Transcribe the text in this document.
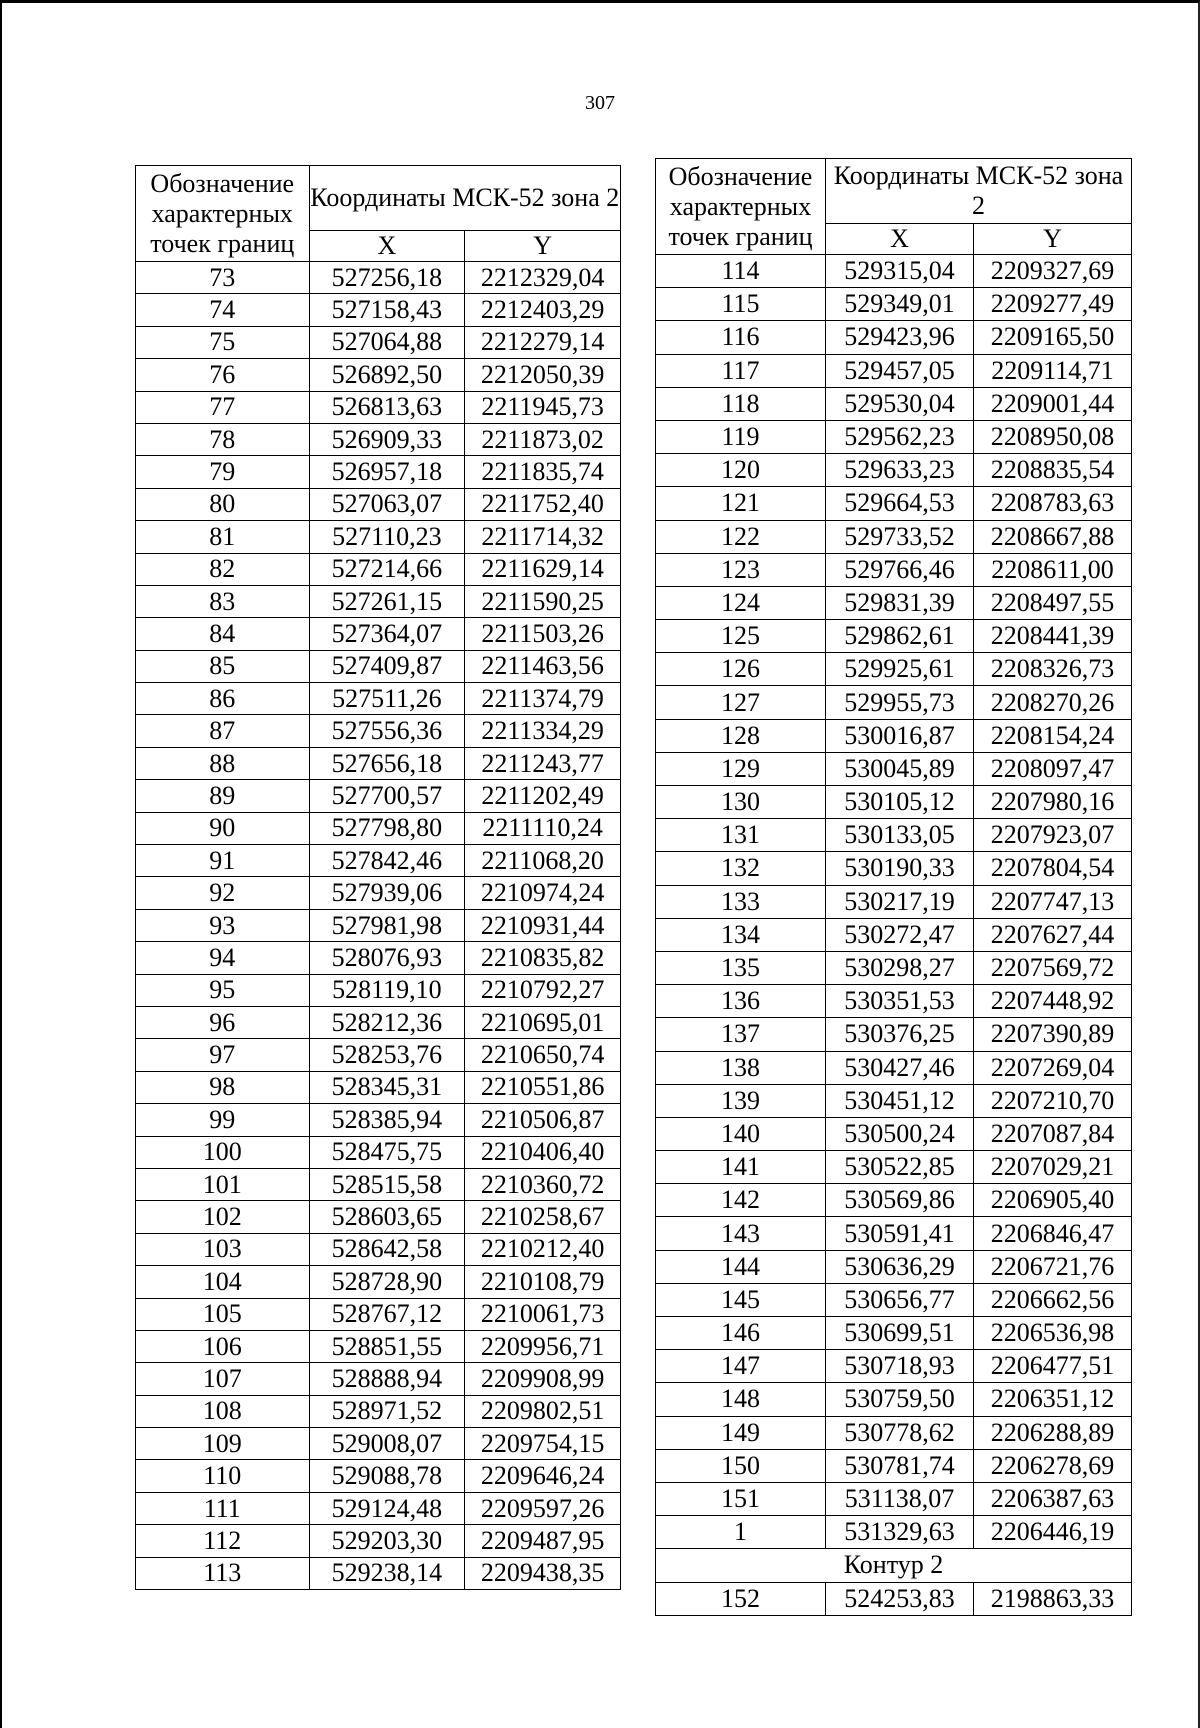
307
Обозначение характерных точек границ	Координаты МСК-52 зона 2	
	X	Y
73	527256,18	2212329,04
74	527158,43	2212403,29
75	527064,88	2212279,14
76	526892,50	2212050,39
77	526813,63	2211945,73
78	526909,33	2211873,02
79	526957,18	2211835,74
80	527063,07	2211752,40
81	527110,23	2211714,32
82	527214,66	2211629,14
83	527261,15	2211590,25
84	527364,07	2211503,26
85	527409,87	2211463,56
86	527511,26	2211374,79
87	527556,36	2211334,29
88	527656,18	2211243,77
89	527700,57	2211202,49
90	527798,80	2211110,24
91	527842,46	2211068,20
92	527939,06	2210974,24
93	527981,98	2210931,44
94	528076,93	2210835,82
95	528119,10	2210792,27
96	528212,36	2210695,01
97	528253,76	2210650,74
98	528345,31	2210551,86
99	528385,94	2210506,87
100	528475,75	2210406,40
101	528515,58	2210360,72
102	528603,65	2210258,67
103	528642,58	2210212,40
104	528728,90	2210108,79
105	528767,12	2210061,73
106	528851,55	2209956,71
107	528888,94	2209908,99
108	528971,52	2209802,51
109	529008,07	2209754,15
110	529088,78	2209646,24
111	529124,48	2209597,26
112	529203,30	2209487,95
113	529238,14	2209438,35
Обозначение характерных точек границ	Координаты МСК-52 зона 2	
	X	Y
114	529315,04	2209327,69
115	529349,01	2209277,49
116	529423,96	2209165,50
117	529457,05	2209114,71
118	529530,04	2209001,44
119	529562,23	2208950,08
120	529633,23	2208835,54
121	529664,53	2208783,63
122	529733,52	2208667,88
123	529766,46	2208611,00
124	529831,39	2208497,55
125	529862,61	2208441,39
126	529925,61	2208326,73
127	529955,73	2208270,26
128	530016,87	2208154,24
129	530045,89	2208097,47
130	530105,12	2207980,16
131	530133,05	2207923,07
132	530190,33	2207804,54
133	530217,19	2207747,13
134	530272,47	2207627,44
135	530298,27	2207569,72
136	530351,53	2207448,92
137	530376,25	2207390,89
138	530427,46	2207269,04
139	530451,12	2207210,70
140	530500,24	2207087,84
141	530522,85	2207029,21
142	530569,86	2206905,40
143	530591,41	2206846,47
144	530636,29	2206721,76
145	530656,77	2206662,56
146	530699,51	2206536,98
147	530718,93	2206477,51
148	530759,50	2206351,12
149	530778,62	2206288,89
150	530781,74	2206278,69
151	531138,07	2206387,63
1	531329,63	2206446,19
Контур 2		
152	524253,83	2198863,33
